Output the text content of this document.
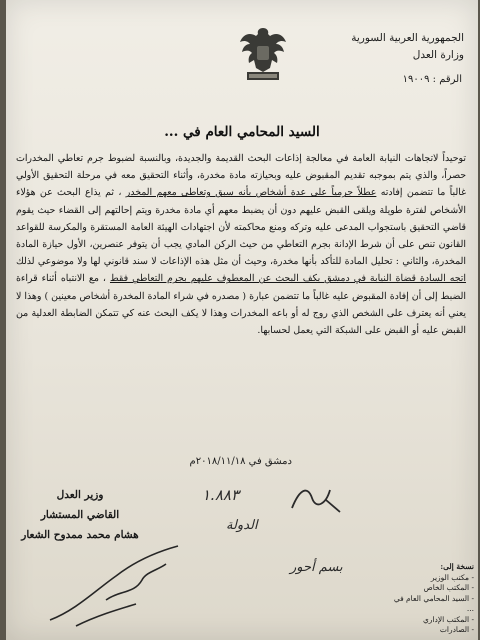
الجمهورية العربية السورية
وزارة العدل
الرقم : ١٩٠٠٩
السيد المحامي العام في ...

توحيداً لاتجاهات النيابة العامة في معالجة إذاعات البحث القديمة والجديدة، وبالنسبة لضبوط جرم تعاطي المخدرات حصراً، والذي يتم بموجبه تقديم المقبوض عليه وبحيازته مادة مخدرة، وأثناء التحقيق معه في مرحلة التحقيق الأولي غالباً ما تتضمن إفادته عطلاً جرمياً على عدة أشخاص بأنه سبق وتعاطى معهم المخدر ، ثم يذاع البحث عن هؤلاء الأشخاص لفترة طويلة ويلقى القبض عليهم دون أن يضبط معهم أي مادة مخدرة ويتم إحالتهم إلى القضاء حيث يقوم قاضي التحقيق باستجواب المدعى عليه وتركه ومنع محاكمته لأن اجتهادات الهيئة العامة المستقرة والمكرسة للقواعد القانون تنص على أن شرط الإدانة بجرم التعاطي من حيث الركن المادي يجب أن يتوفر عنصرين، الأول حيازة المادة المخدرة، والثاني : تحليل المادة للتأكد بأنها مخدرة، وحيث أن مثل هذه الإذاعات لا سند قانوني لها ولا موضوعي لذلك اتجه السادة قضاة النيابة في دمشق بكف البحث عن المعطوف عليهم بجرم التعاطي فقط ، مع الانتباه أثناء قراءة الضبط إلى أن إفادة المقبوض عليه غالباً ما تتضمن عبارة ( مصدره في شراء المادة المخدرة أشخاص معينين ) وهذا لا يعني أنه يعترف على الشخص الذي روج له أو باعه المخدرات وهذا لا يكف البحث عنه كي تتمكن الضابطة العدلية من القبض عليه أو القبض على الشبكة التي يعمل لحسابها.

دمشق في ٢٠١٨/١١/١٨م
وزير العدل
القاضي المستشار
هشام محمد ممدوح الشعار
١.٨٨٣
الدولة
بسم أحور	نسخة إلى:
- مكتب الوزير
- المكتب الخاص
- السيد المحامي العام في ...
- المكتب الإداري
- الصادرات
